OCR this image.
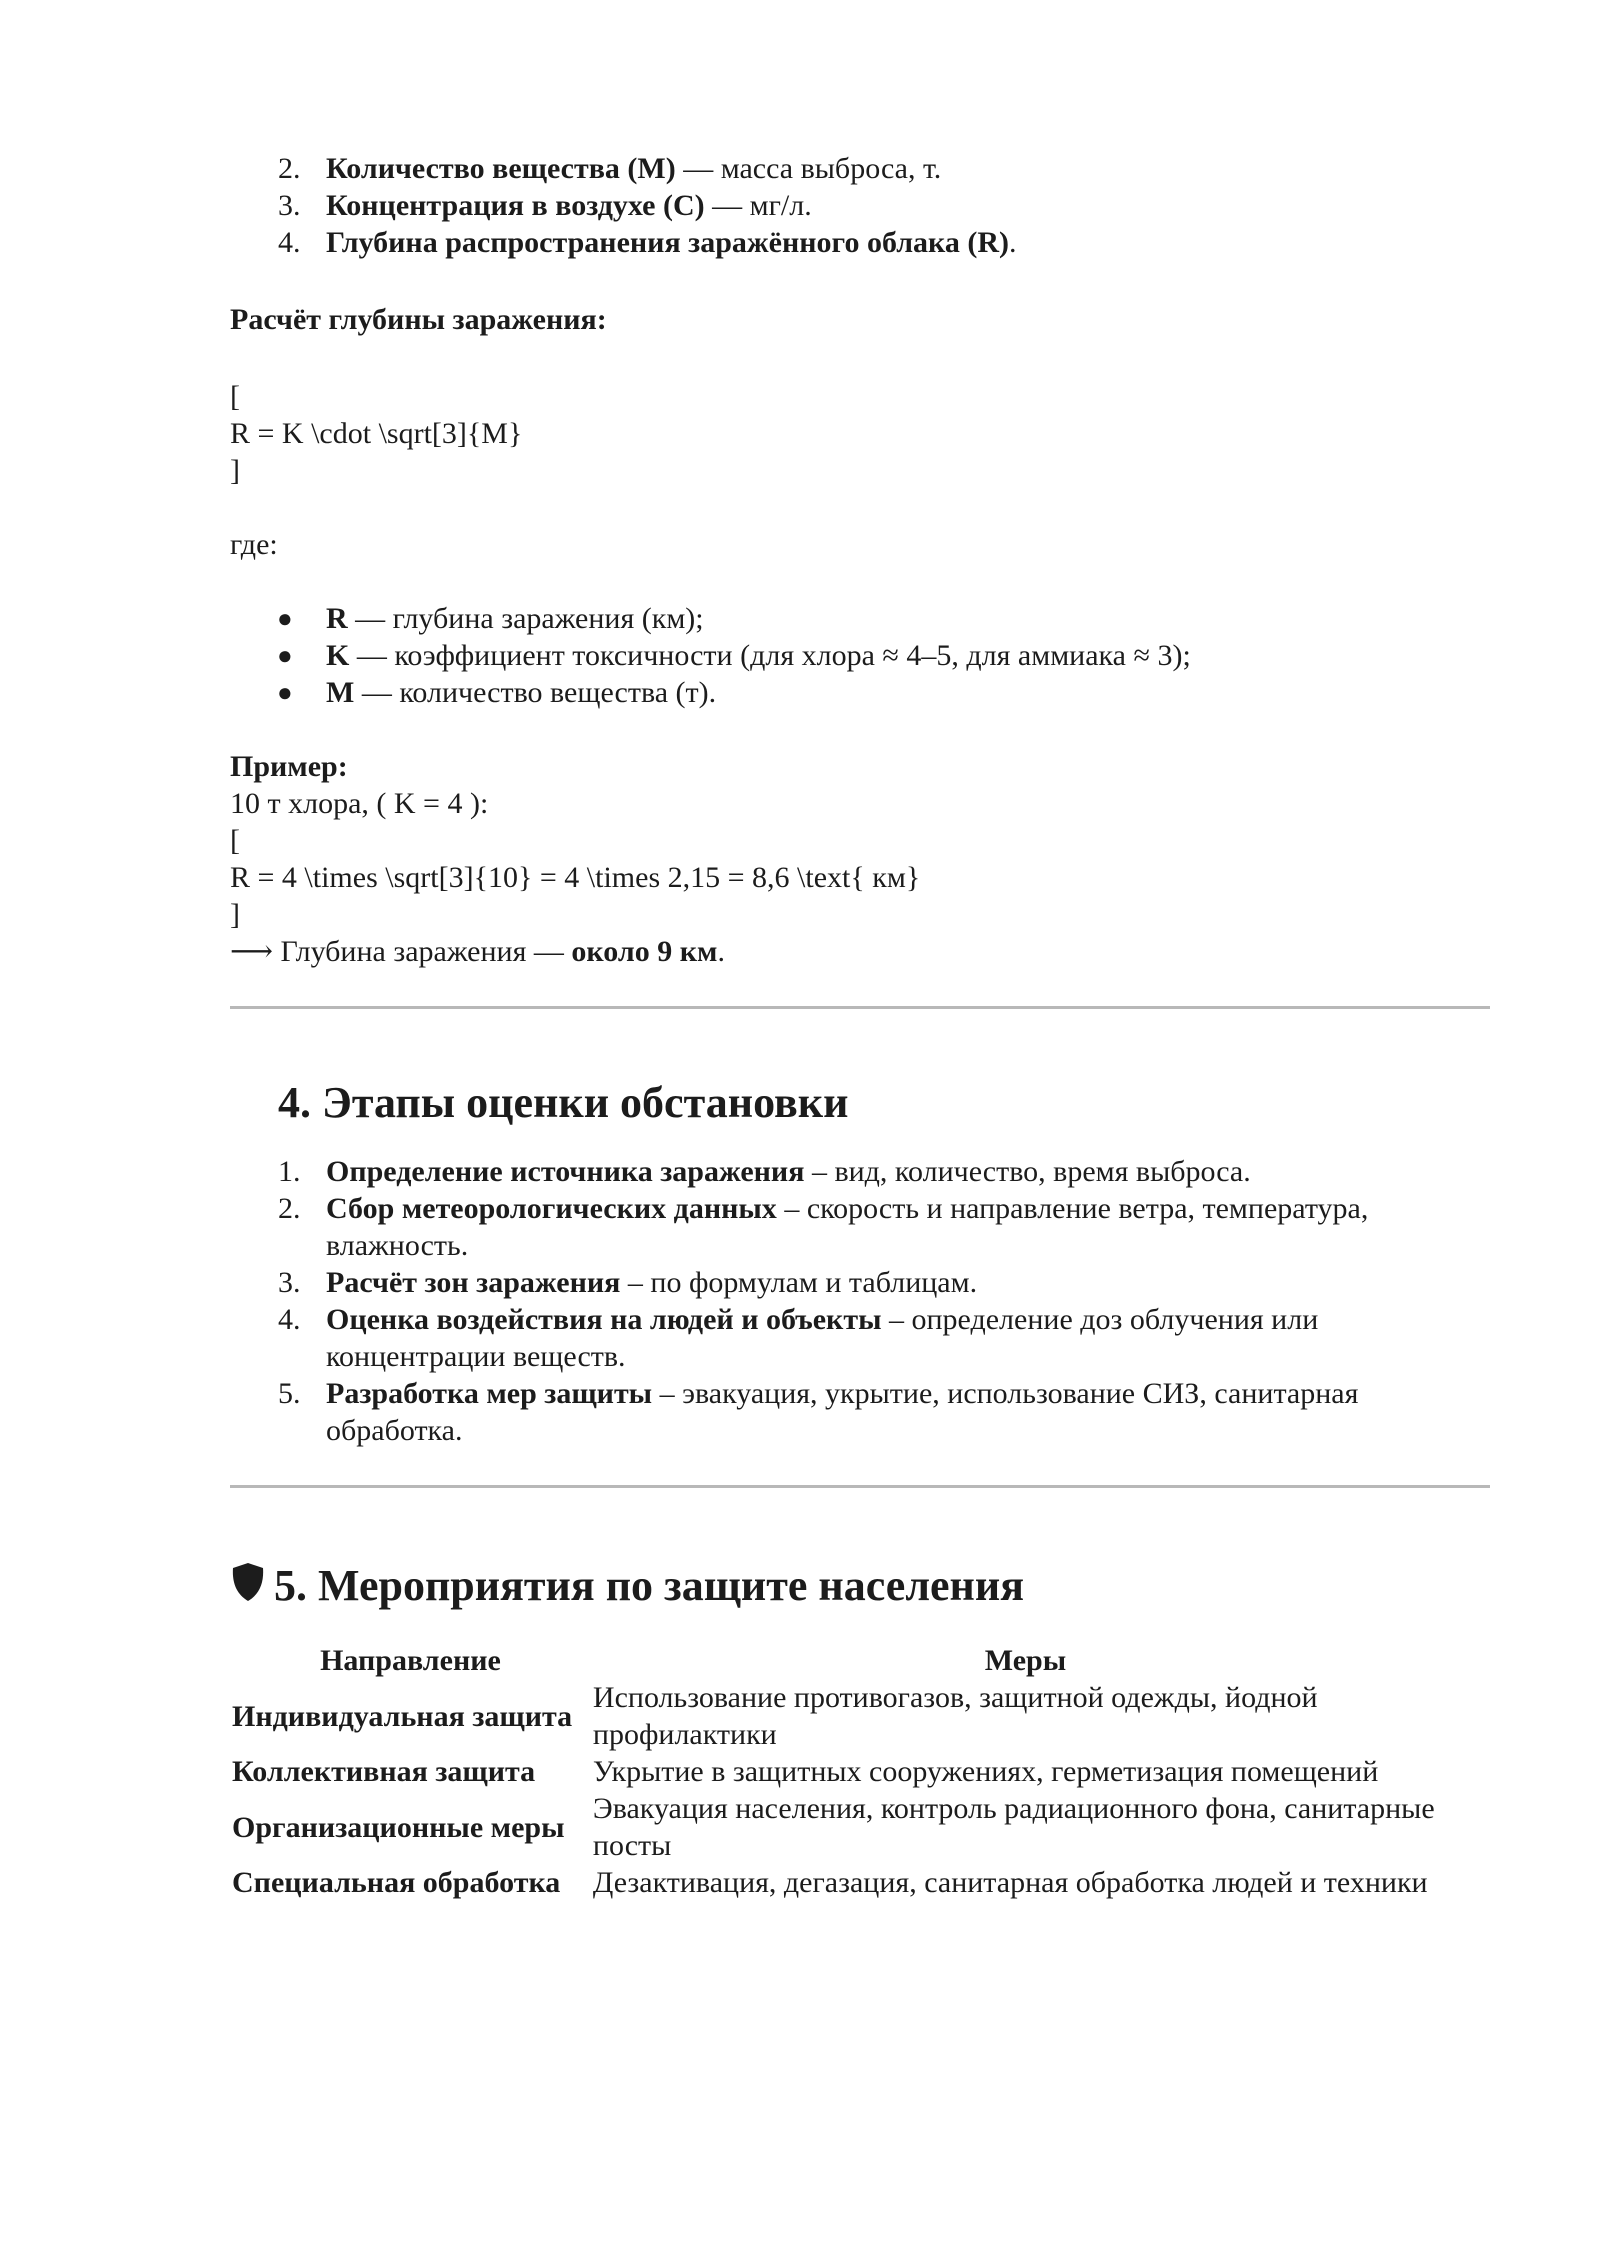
2. Количество вещества (M) — масса выброса, т.
3. Концентрация в воздухе (C) — мг/л.
4. Глубина распространения заражённого облака (R).

Расчёт глубины заражения:

[

R = K \cdot \sqrt[3]{M}

]

где:

● R — глубина заражения (км);
● K — коэффициент токсичности (для хлора ≈ 4–5, для аммиака ≈ 3);
● M — количество вещества (т).

Пример:

10 т хлора, ( K = 4 ):

[

R = 4 \times \sqrt[3]{10} = 4 \times 2,15 = 8,6 \text{ км}

]

⟶ Глубина заражения — около 9 км.

4. Этапы оценки обстановки
1. Определение источника заражения – вид, количество, время выброса.
2. Сбор метеорологических данных – скорость и направление ветра, температура, влажность.
3. Расчёт зон заражения – по формулам и таблицам.
4. Оценка воздействия на людей и объекты – определение доз облучения или концентрации веществ.
5. Разработка мер защиты – эвакуация, укрытие, использование СИЗ, санитарная обработка.
5. Мероприятия по защите населения
Направление	Меры
Индивидуальная защита	Использование противогазов, защитной одежды, йодной профилактики
Коллективная защита	Укрытие в защитных сооружениях, герметизация помещений
Организационные меры	Эвакуация населения, контроль радиационного фона, санитарные посты
Специальная обработка	Дезактивация, дегазация, санитарная обработка людей и техники
